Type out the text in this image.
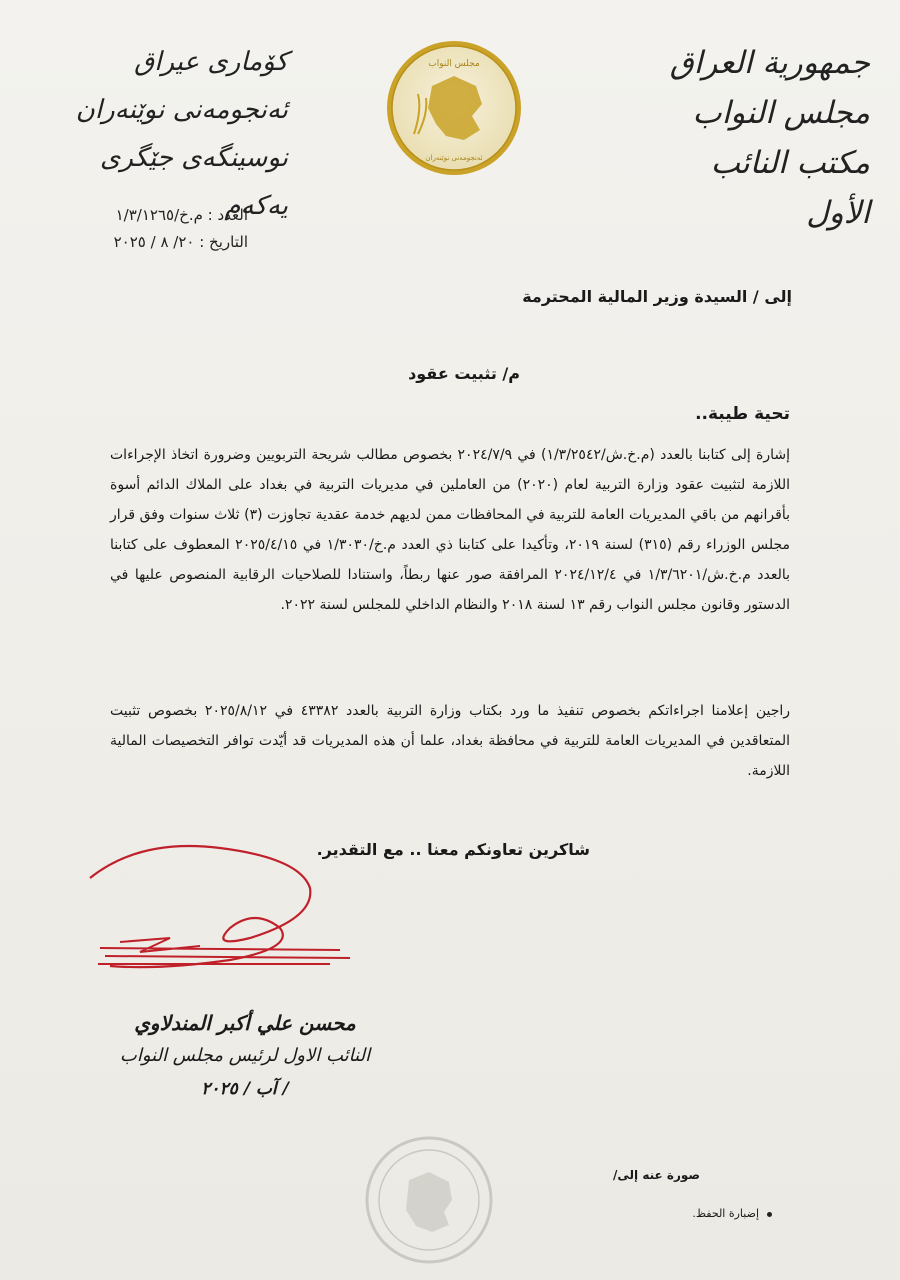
جمهورية العراق
مجلس النواب
مكتب النائب الأول
مجلس النواب
ئەنجومەنی نوێنەران
كۆماری عیراق
ئەنجومەنی نوێنەران
نوسینگەی جێگری یەکەم
العدد : م.خ/١/٣/١٢٦٥
التاريخ : ٢٠/ ٨ / ٢٠٢٥
إلى / السيدة وزير المالية المحترمة
م/ تثبيت عقود
تحية طيبة..
إشارة إلى كتابنا بالعدد (م.خ.ش/١/٣/٢٥٤٢) في ٢٠٢٤/٧/٩ بخصوص مطالب شريحة التربويين وضرورة اتخاذ الإجراءات اللازمة لتثبيت عقود وزارة التربية لعام (٢٠٢٠) من العاملين في مديريات التربية في بغداد على الملاك الدائم أسوة بأقرانهم من باقي المديريات العامة للتربية في المحافظات ممن لديهم خدمة عقدية تجاوزت (٣) ثلاث سنوات وفق قرار مجلس الوزراء رقم (٣١٥) لسنة ٢٠١٩، وتأكيدا على كتابنا ذي العدد م.خ/١/٣٠٣٠ في ٢٠٢٥/٤/١٥ المعطوف على كتابنا بالعدد م.خ.ش/١/٣/٦٢٠١ في ٢٠٢٤/١٢/٤ المرافقة صور عنها ربطاً، واستنادا للصلاحيات الرقابية المنصوص عليها في الدستور وقانون مجلس النواب رقم ١٣ لسنة ٢٠١٨ والنظام الداخلي للمجلس لسنة ٢٠٢٢.
راجين إعلامنا اجراءاتكم بخصوص تنفيذ ما ورد بكتاب وزارة التربية بالعدد ٤٣٣٨٢ في ٢٠٢٥/٨/١٢ بخصوص تثبيت المتعاقدين في المديريات العامة للتربية في محافظة بغداد، علما أن هذه المديريات قد أيّدت توافر التخصيصات المالية اللازمة.
شاكرين تعاونكم معنا .. مع التقدير.
محسن علي أكبر المندلاوي
النائب الاول لرئيس مجلس النواب
/ آب / ٢٠٢٥
صورة عنه إلى/
إضبارة الحفظ.
